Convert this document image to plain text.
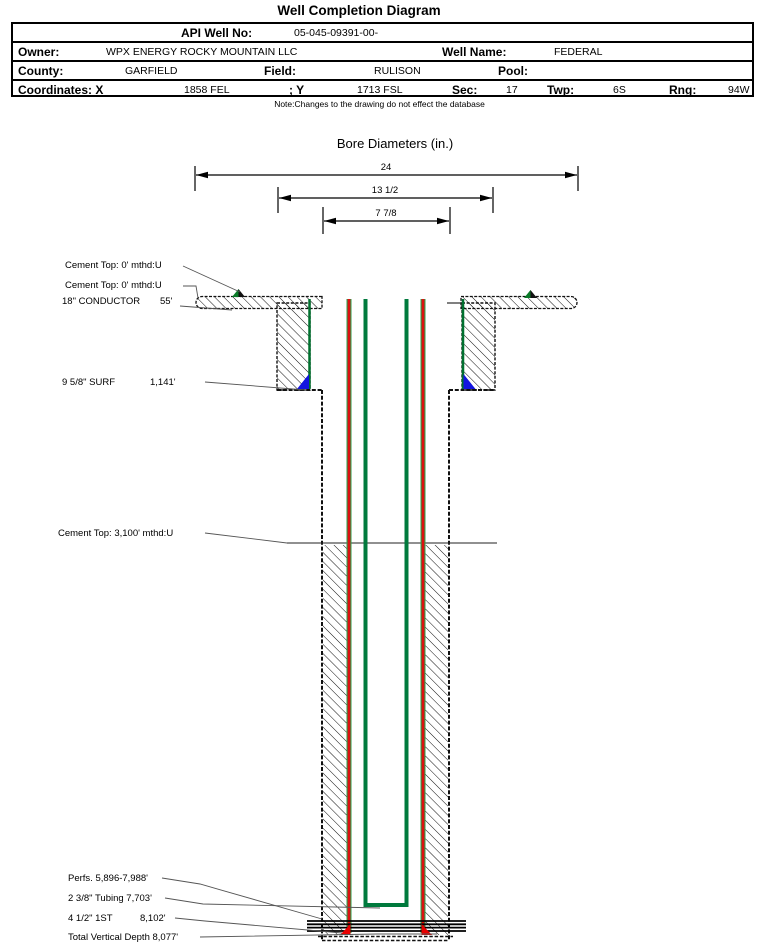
Well Completion Diagram
API Well No:	05-045-09391-00-
Owner:	WPX ENERGY ROCKY MOUNTAIN LLC	Well Name:	FEDERAL
County:	GARFIELD	Field:	RULISON	Pool:
Coordinates: X	1858 FEL	; Y	1713 FSL	Sec:	17 Twp:	6S	Rng:	94W
Note:Changes to the drawing do not effect the database
Bore Diameters (in.)
24
13 1/2
7 7/8
Cement Top: 0' mthd:U
Cement Top: 0' mthd:U
18" CONDUCTOR 55'
9 5/8" SURF	1,141'
Cement Top: 3,100' mthd:U
Perfs. 5,896-7,988'
2 3/8" Tubing 7,703'
4 1/2" 1ST	8,102'
Total Vertical Depth 8,077'
